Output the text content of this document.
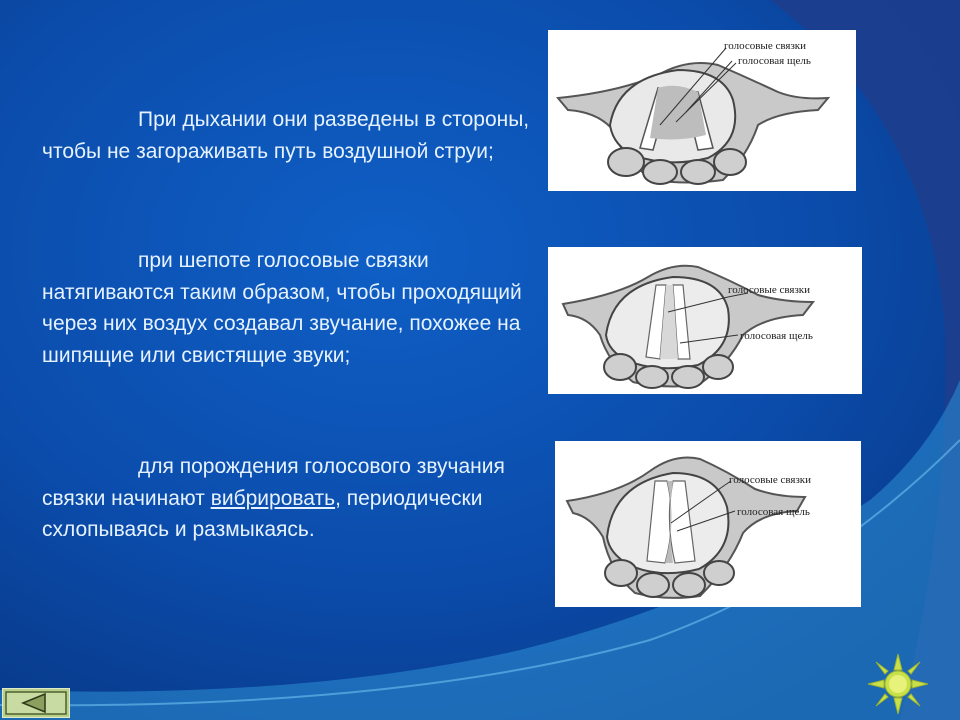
При дыхании они разведены в стороны, чтобы не загораживать путь воздушной струи;

при шепоте голосовые связки натягиваются таким образом, чтобы проходящий через них воздух создавал звучание, похожее на шипящие или свистящие звуки;

для порождения голосового звучания связки начинают вибрировать, периодически схлопываясь и размыкаясь.

голосовые связки
голосовая щель
голосовые связки
голосовая щель
голосовые связки
голосовая щель
